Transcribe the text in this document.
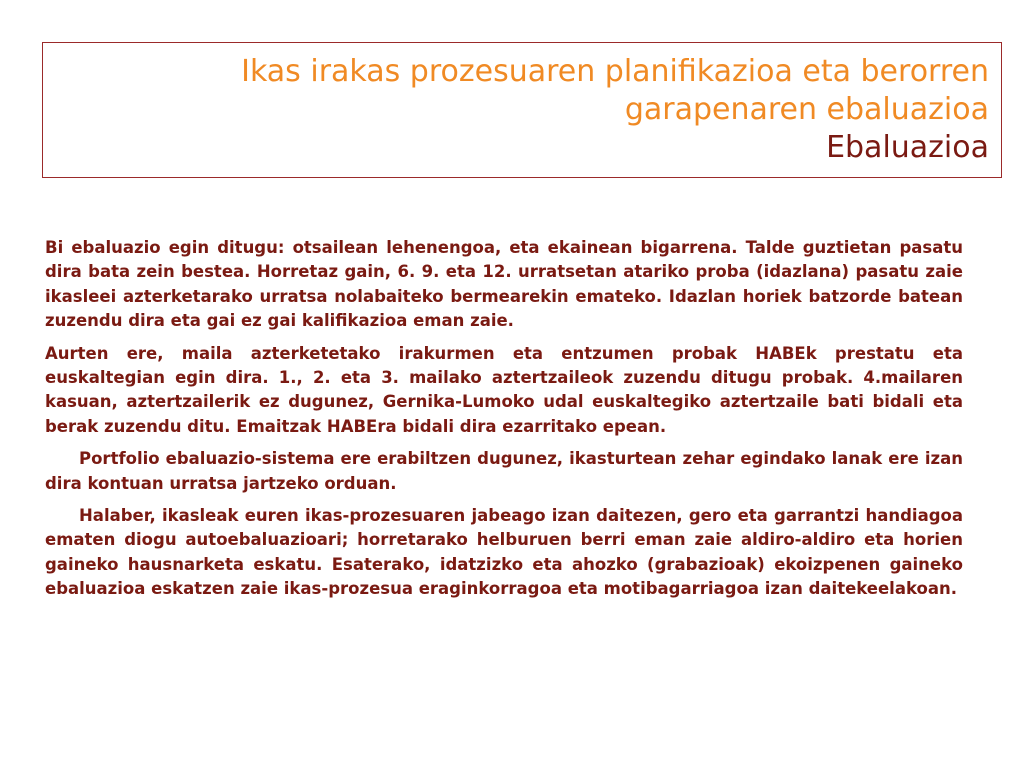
Ikas irakas prozesuaren planifikazioa eta berorren
garapenaren ebaluazioa
Ebaluazioa

Bi ebaluazio egin ditugu: otsailean lehenengoa, eta ekainean bigarrena. Talde guztietan pasatu dira bata zein bestea. Horretaz gain, 6. 9. eta 12. urratsetan atariko proba (idazlana) pasatu zaie ikasleei azterketarako urratsa nolabaiteko bermearekin emateko. Idazlan horiek batzorde batean zuzendu dira eta gai ez gai kalifikazioa eman zaie.

Aurten ere, maila azterketetako irakurmen eta entzumen probak HABEk prestatu eta euskaltegian egin dira. 1., 2. eta 3. mailako aztertzaileok zuzendu ditugu probak. 4.mailaren kasuan, aztertzailerik ez dugunez, Gernika-Lumoko udal euskaltegiko aztertzaile bati bidali eta berak zuzendu ditu. Emaitzak HABEra bidali dira ezarritako epean.

Portfolio ebaluazio-sistema ere erabiltzen dugunez, ikasturtean zehar egindako lanak ere izan dira kontuan urratsa jartzeko orduan.

Halaber, ikasleak euren ikas-prozesuaren jabeago izan daitezen, gero eta garrantzi handiagoa ematen diogu autoebaluazioari; horretarako helburuen berri eman zaie aldiro-aldiro eta horien gaineko hausnarketa eskatu. Esaterako, idatzizko eta ahozko (grabazioak) ekoizpenen gaineko ebaluazioa eskatzen zaie ikas-prozesua eraginkorragoa eta motibagarriagoa izan daitekeelakoan.
